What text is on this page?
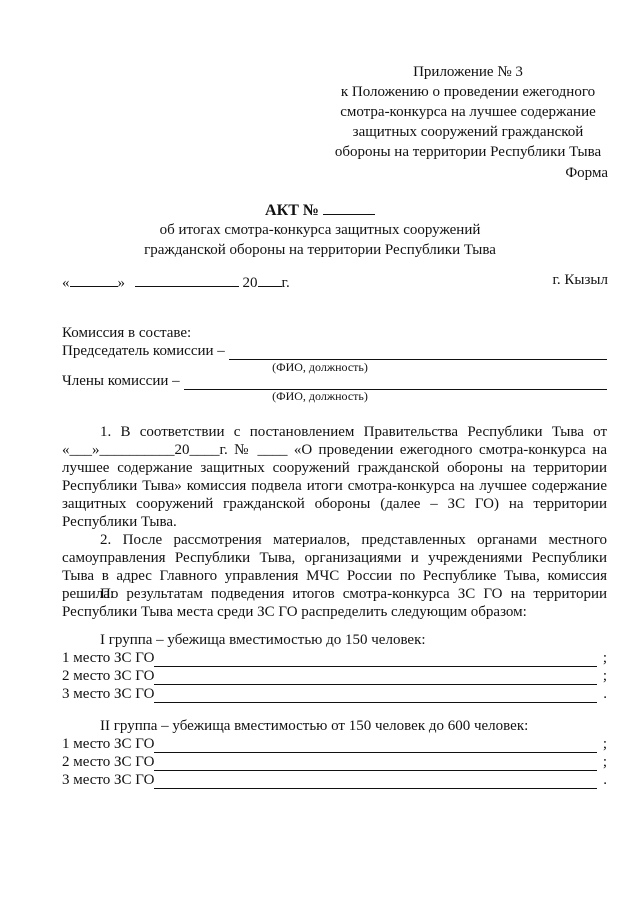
Приложение № 3
к Положению о проведении ежегодного
смотра-конкурса на лучшее содержание
защитных сооружений гражданской
обороны на территории Республики Тыва
Форма
АКТ №
об итогах смотра-конкурса защитных сооружений
гражданской обороны на территории Республики Тыва
«	»	20 г.	г. Кызыл
Комиссия в составе:
Председатель комиссии –
(ФИО, должность)
Члены комиссии –
(ФИО, должность)

1. В соответствии с постановлением Правительства Республики Тыва от «___»__________20____г. № ____ «О проведении ежегодного смотра-конкурса на лучшее содержание защитных сооружений гражданской обороны на территории Республики Тыва» комиссия подвела итоги смотра-конкурса на лучшее содержание защитных сооружений гражданской обороны (далее – ЗС ГО) на территории Республики Тыва.

2. После рассмотрения материалов, представленных органами местного самоуправления Республики Тыва, организациями и учреждениями Республики Тыва в адрес Главного управления МЧС России по Республике Тыва, комиссия решила:

По результатам подведения итогов смотра-конкурса ЗС ГО на территории Республики Тыва места среди ЗС ГО распределить следующим образом:

I группа – убежища вместимостью до 150 человек:
1 место ЗС ГО	;
2 место ЗС ГО	;
3 место ЗС ГО	.
II группа – убежища вместимостью от 150 человек до 600 человек:
1 место ЗС ГО	;
2 место ЗС ГО	;
3 место ЗС ГО	.
